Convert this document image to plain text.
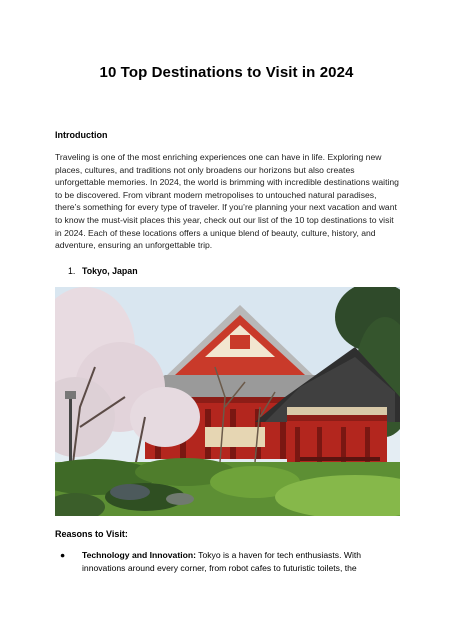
10 Top Destinations to Visit in 2024
Introduction
Traveling is one of the most enriching experiences one can have in life. Exploring new places, cultures, and traditions not only broadens our horizons but also creates unforgettable memories. In 2024, the world is brimming with incredible destinations waiting to be discovered. From vibrant modern metropolises to untouched natural paradises, there’s something for every type of traveler. If you’re planning your next vacation and want to know the must-visit places this year, check out our list of the 10 top destinations to visit in 2024. Each of these locations offers a unique blend of beauty, culture, history, and adventure, ensuring an unforgettable trip.
1. Tokyo, Japan
Reasons to Visit:
● Technology and Innovation: Tokyo is a haven for tech enthusiasts. With innovations around every corner, from robot cafes to futuristic toilets, the
